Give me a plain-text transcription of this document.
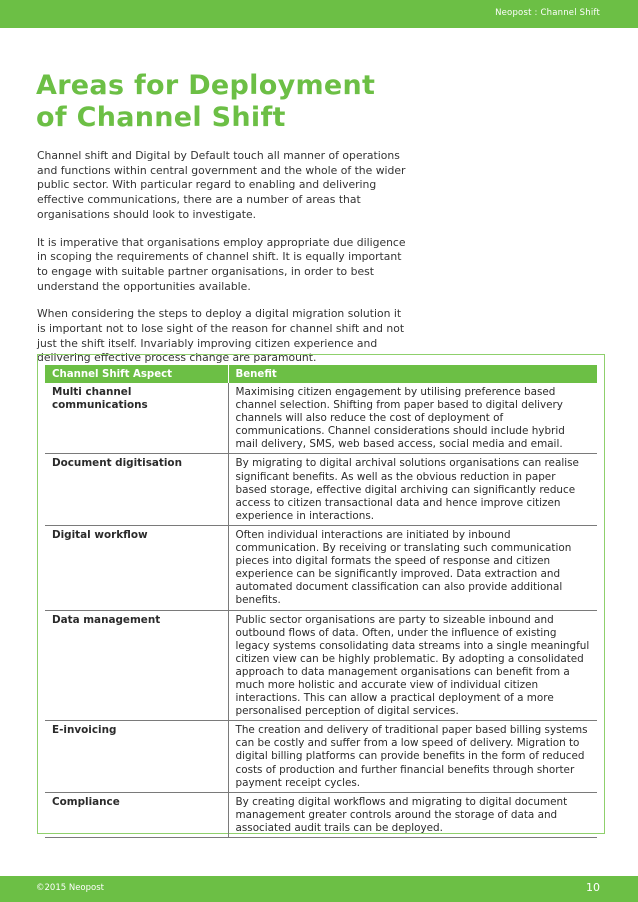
Neopost : Channel Shift
Areas for Deployment
of Channel Shift

Channel shift and Digital by Default touch all manner of operations and functions within central government and the whole of the wider public sector. With particular regard to enabling and delivering effective communications, there are a number of areas that organisations should look to investigate.

It is imperative that organisations employ appropriate due diligence in scoping the requirements of channel shift. It is equally important to engage with suitable partner organisations, in order to best understand the opportunities available.

When considering the steps to deploy a digital migration solution it is important not to lose sight of the reason for channel shift and not just the shift itself. Invariably improving citizen experience and delivering effective process change are paramount.

Channel Shift Aspect	Benefit
Multi channel communications	Maximising citizen engagement by utilising preference based channel selection. Shifting from paper based to digital delivery channels will also reduce the cost of deployment of communications. Channel considerations should include hybrid mail delivery, SMS, web based access, social media and email.
Document digitisation	By migrating to digital archival solutions organisations can realise significant benefits. As well as the obvious reduction in paper based storage, effective digital archiving can significantly reduce access to citizen transactional data and hence improve citizen experience in interactions.
Digital workflow	Often individual interactions are initiated by inbound communication. By receiving or translating such communication pieces into digital formats the speed of response and citizen experience can be significantly improved. Data extraction and automated document classification can also provide additional benefits.
Data management	Public sector organisations are party to sizeable inbound and outbound flows of data. Often, under the influence of existing legacy systems consolidating data streams into a single meaningful citizen view can be highly problematic. By adopting a consolidated approach to data management organisations can benefit from a much more holistic and accurate view of individual citizen interactions. This can allow a practical deployment of a more personalised perception of digital services.
E-invoicing	The creation and delivery of traditional paper based billing systems can be costly and suffer from a low speed of delivery. Migration to digital billing platforms can provide benefits in the form of reduced costs of production and further financial benefits through shorter payment receipt cycles.
Compliance	By creating digital workflows and migrating to digital document management greater controls around the storage of data and associated audit trails can be deployed.
©2015 Neopost	10
